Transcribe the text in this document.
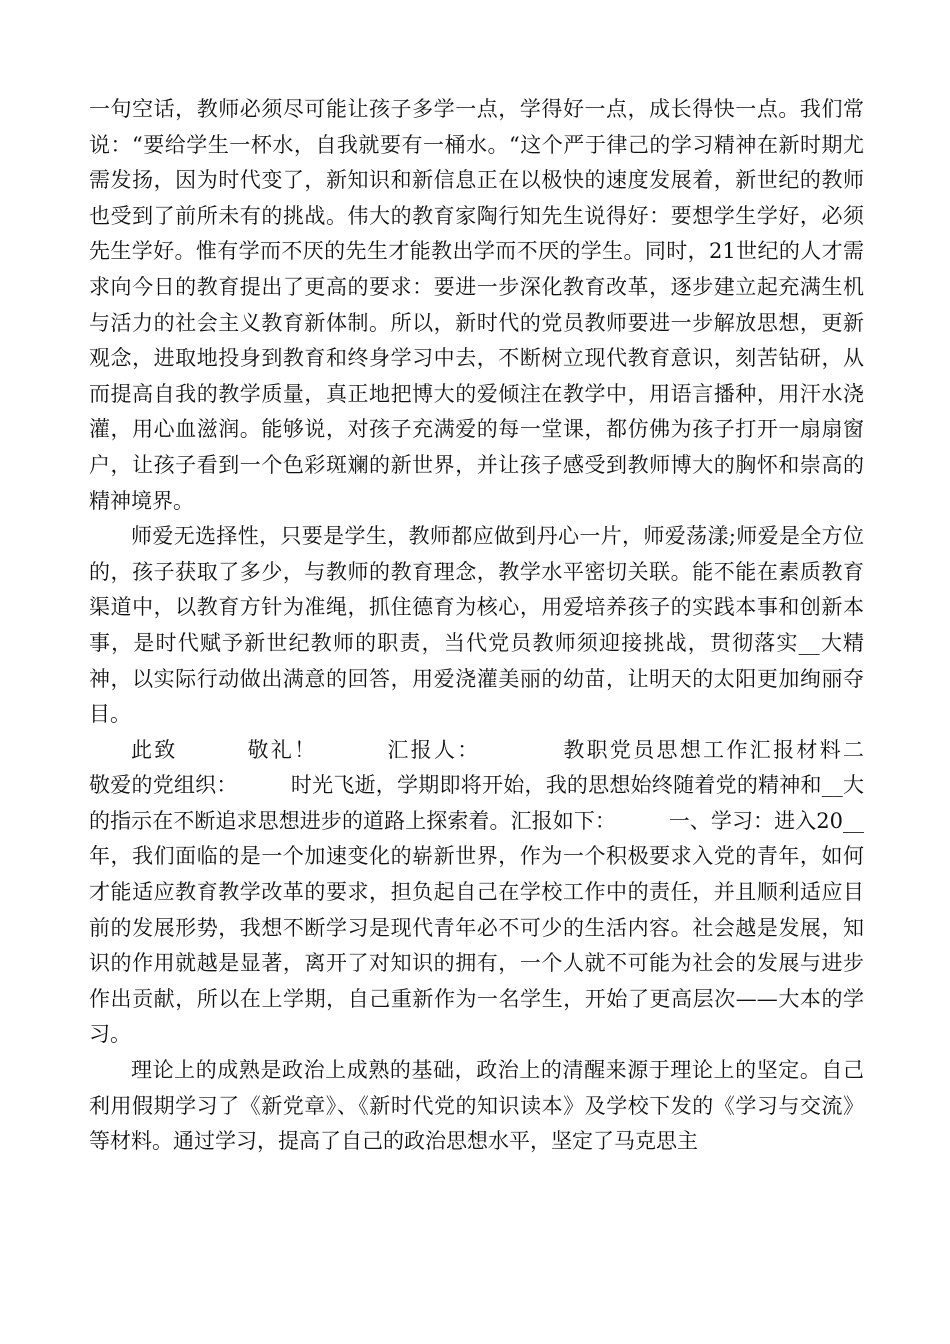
一句空话，教师必须尽可能让孩子多学一点，学得好一点，成长得快一点。我们常说：“要给学生一杯水，自我就要有一桶水。“这个严于律己的学习精神在新时期尤需发扬，因为时代变了，新知识和新信息正在以极快的速度发展着，新世纪的教师也受到了前所未有的挑战。伟大的教育家陶行知先生说得好：要想学生学好，必须先生学好。惟有学而不厌的先生才能教出学而不厌的学生。同时，21世纪的人才需求向今日的教育提出了更高的要求：要进一步深化教育改革，逐步建立起充满生机与活力的社会主义教育新体制。所以，新时代的党员教师要进一步解放思想，更新观念，进取地投身到教育和终身学习中去，不断树立现代教育意识，刻苦钻研，从而提高自我的教学质量，真正地把博大的爱倾注在教学中，用语言播种，用汗水浇灌，用心血滋润。能够说，对孩子充满爱的每一堂课，都仿佛为孩子打开一扇扇窗户，让孩子看到一个色彩斑斓的新世界，并让孩子感受到教师博大的胸怀和崇高的精神境界。

师爱无选择性，只要是学生，教师都应做到丹心一片，师爱荡漾;师爱是全方位的，孩子获取了多少，与教师的教育理念，教学水平密切关联。能不能在素质教育渠道中，以教育方针为准绳，抓住德育为核心，用爱培养孩子的实践本事和创新本事，是时代赋予新世纪教师的职责，当代党员教师须迎接挑战，贯彻落实__大精神，以实际行动做出满意的回答，用爱浇灌美丽的幼苗，让明天的太阳更加绚丽夺目。

此致　　　敬礼！　　　汇报人：　　　　教职党员思想工作汇报材料二　　　敬爱的党组织：　　　时光飞逝，学期即将开始，我的思想始终随着党的精神和__大的指示在不断追求思想进步的道路上探索着。汇报如下：　　　一、学习：进入20__年，我们面临的是一个加速变化的崭新世界，作为一个积极要求入党的青年，如何才能适应教育教学改革的要求，担负起自己在学校工作中的责任，并且顺利适应目前的发展形势，我想不断学习是现代青年必不可少的生活内容。社会越是发展，知识的作用就越是显著，离开了对知识的拥有，一个人就不可能为社会的发展与进步作出贡献，所以在上学期，自己重新作为一名学生，开始了更高层次——大本的学习。

理论上的成熟是政治上成熟的基础，政治上的清醒来源于理论上的坚定。自己利用假期学习了《新党章》、《新时代党的知识读本》及学校下发的《学习与交流》等材料。通过学习，提高了自己的政治思想水平，坚定了马克思主
